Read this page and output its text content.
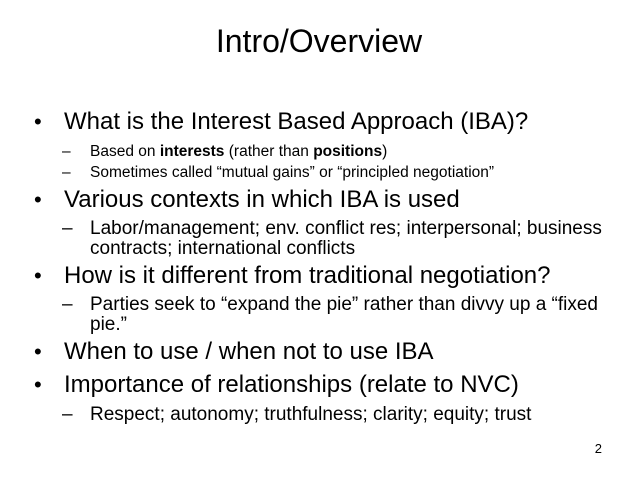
Intro/Overview
• What is the Interest Based Approach (IBA)?
– Based on interests (rather than positions)
– Sometimes called “mutual gains” or “principled negotiation”
• Various contexts in which IBA is used
– Labor/management; env. conflict res; interpersonal; business contracts; international conflicts
• How is it different from traditional negotiation?
– Parties seek to “expand the pie” rather than divvy up a “fixed pie.”
• When to use / when not to use IBA
• Importance of relationships (relate to NVC)
– Respect; autonomy; truthfulness; clarity; equity; trust
2
